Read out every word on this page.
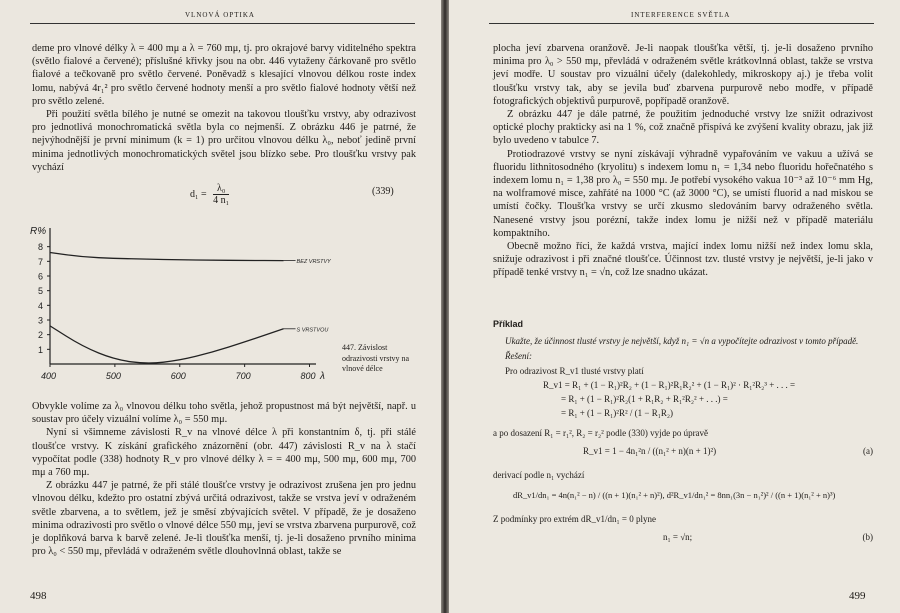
VLNOVÁ OPTIKA

deme pro vlnové délky λ = 400 mμ a λ = 760 mμ, tj. pro okrajové barvy viditelného spektra (světlo fialové a červené); příslušné křivky jsou na obr. 446 vytaženy čárkovaně pro světlo fialové a tečkovaně pro světlo červené. Poněvadž s klesající vlnovou délkou roste index lomu, nabývá 4r₁² pro světlo červené hodnoty menší a pro světlo fialové hodnoty větší než pro světlo zelené.

Při použití světla bílého je nutné se omezit na takovou tloušťku vrstvy, aby odrazivost pro jednotlivá monochromatická světla byla co nejmenší. Z obrázku 446 je patrné, že nejvýhodnější je první minimum (k = 1) pro určitou vlnovou délku λ₀, neboť jedině první minima jednotlivých monochromatických světel jsou blízko sebe. Pro tloušťku vrstvy pak vychází

$d_1 = \frac{\text{λ₀}}{\text{4 n₁}}$	(339)
R%
1
2
3
4
5
6
7
8
400	500	600	700	800 λ
BEZ VRSTVY
S VRSTVOU
447. Závislost odrazivosti vrstvy na vlnové délce

Obvykle volíme za λ₀ vlnovou délku toho světla, jehož propustnost má být největší, např. u soustav pro účely vizuální volíme λ₀ = 550 mμ.

Nyní si všimneme závislosti R_v na vlnové délce λ při konstantním δ, tj. při stálé tloušťce vrstvy. K získání grafického znázornění (obr. 447) závislosti R_v na λ stačí vypočítat podle (338) hodnoty R_v pro vlnové délky λ = = 400 mμ, 500 mμ, 600 mμ, 700 mμ a 760 mμ.

Z obrázku 447 je patrné, že při stálé tloušťce vrstvy je odrazivost zrušena jen pro jednu vlnovou délku, kdežto pro ostatní zbývá určitá odrazivost, takže se vrstva jeví v odraženém světle zbarvena, a to světlem, jež je směsí zbývajících světel. V případě, že je dosaženo minima odrazivosti pro světlo o vlnové délce 550 mμ, jeví se vrstva zbarvena purpurově, což je doplňková barva k barvě zelené. Je-li tloušťka menší, tj. je-li dosaženo prvního minima pro λ₀ < 550 mμ, převládá v odraženém světle dlouhovlnná oblast, takže se

498
INTERFERENCE SVĚTLA

plocha jeví zbarvena oranžově. Je-li naopak tloušťka větší, tj. je-li dosaženo prvního minima pro λ₀ > 550 mμ, převládá v odraženém světle krátkovlnná oblast, takže se vrstva jeví modře. U soustav pro vizuální účely (dalekohledy, mikroskopy aj.) je třeba volit tloušťku vrstvy tak, aby se jevila buď zbarvena purpurově nebo modře, v případě fotografických objektivů purpurově, popřípadě oranžově.

Z obrázku 447 je dále patrné, že použitím jednoduché vrstvy lze snížit odrazivost optické plochy prakticky asi na 1 %, což značně přispívá ke zvýšení kvality obrazu, jak již bylo uvedeno v tabulce 7.

Protiodrazové vrstvy se nyní získávají výhradně vypařováním ve vakuu a užívá se fluoridu lithnitosodného (kryolitu) s indexem lomu n₁ = 1,34 nebo fluoridu hořečnatého s indexem lomu n₁ = 1,38 pro λ₀ = 550 mμ. Je potřebí vysokého vakua 10⁻³ až 10⁻⁶ mm Hg, na wolframové misce, zahřáté na 1000 °C (až 3000 °C), se umístí fluorid a nad miskou se umístí čočky. Tloušťka vrstvy se určí zkusmo sledováním barvy odraženého světla. Nanesené vrstvy jsou porézní, takže index lomu je nižší než v případě materiálu kompaktního.

Obecně možno říci, že každá vrstva, mající index lomu nižší než index lomu skla, snižuje odrazivost i při značné tloušťce. Účinnost tzv. tlusté vrstvy je největší, je-li jako v případě tenké vrstvy n₁ = √n, což lze snadno ukázat.

Příklad
Ukažte, že účinnost tlusté vrstvy je největší, když n₁ = √n a vypočítejte odrazivost v tomto případě.
Řešení:
Pro odrazivost R_v1 tlusté vrstvy platí
R_v1 = R₁ + (1 − R₁)²R₂ + (1 − R₁)²R₁R₂² + (1 − R₁)² · R₁²R₂³ + . . . =
= R₁ + (1 − R₁)²R₂(1 + R₁R₂ + R₁²R₂² + . . .) =
= R₁ + (1 − R₁)²R² / (1 − R₁R₂)
a po dosazení R₁ = r₁², R₂ = r₂² podle (330) vyjde po úpravě
R_v1 = 1 − 4n₁²n / ((n₁² + n)(n + 1)²)	(a)
derivací podle n₁ vychází
dR_v1/dn₁ = 4n(n₁² − n) / ((n + 1)(n₁² + n)²), d²R_v1/dn₁² = 8nn₁(3n − n₁²)² / ((n + 1)(n₁² + n)³)
Z podmínky pro extrém dR_v1/dn₁ = 0 plyne
n₁ = √n;	(b)
499
